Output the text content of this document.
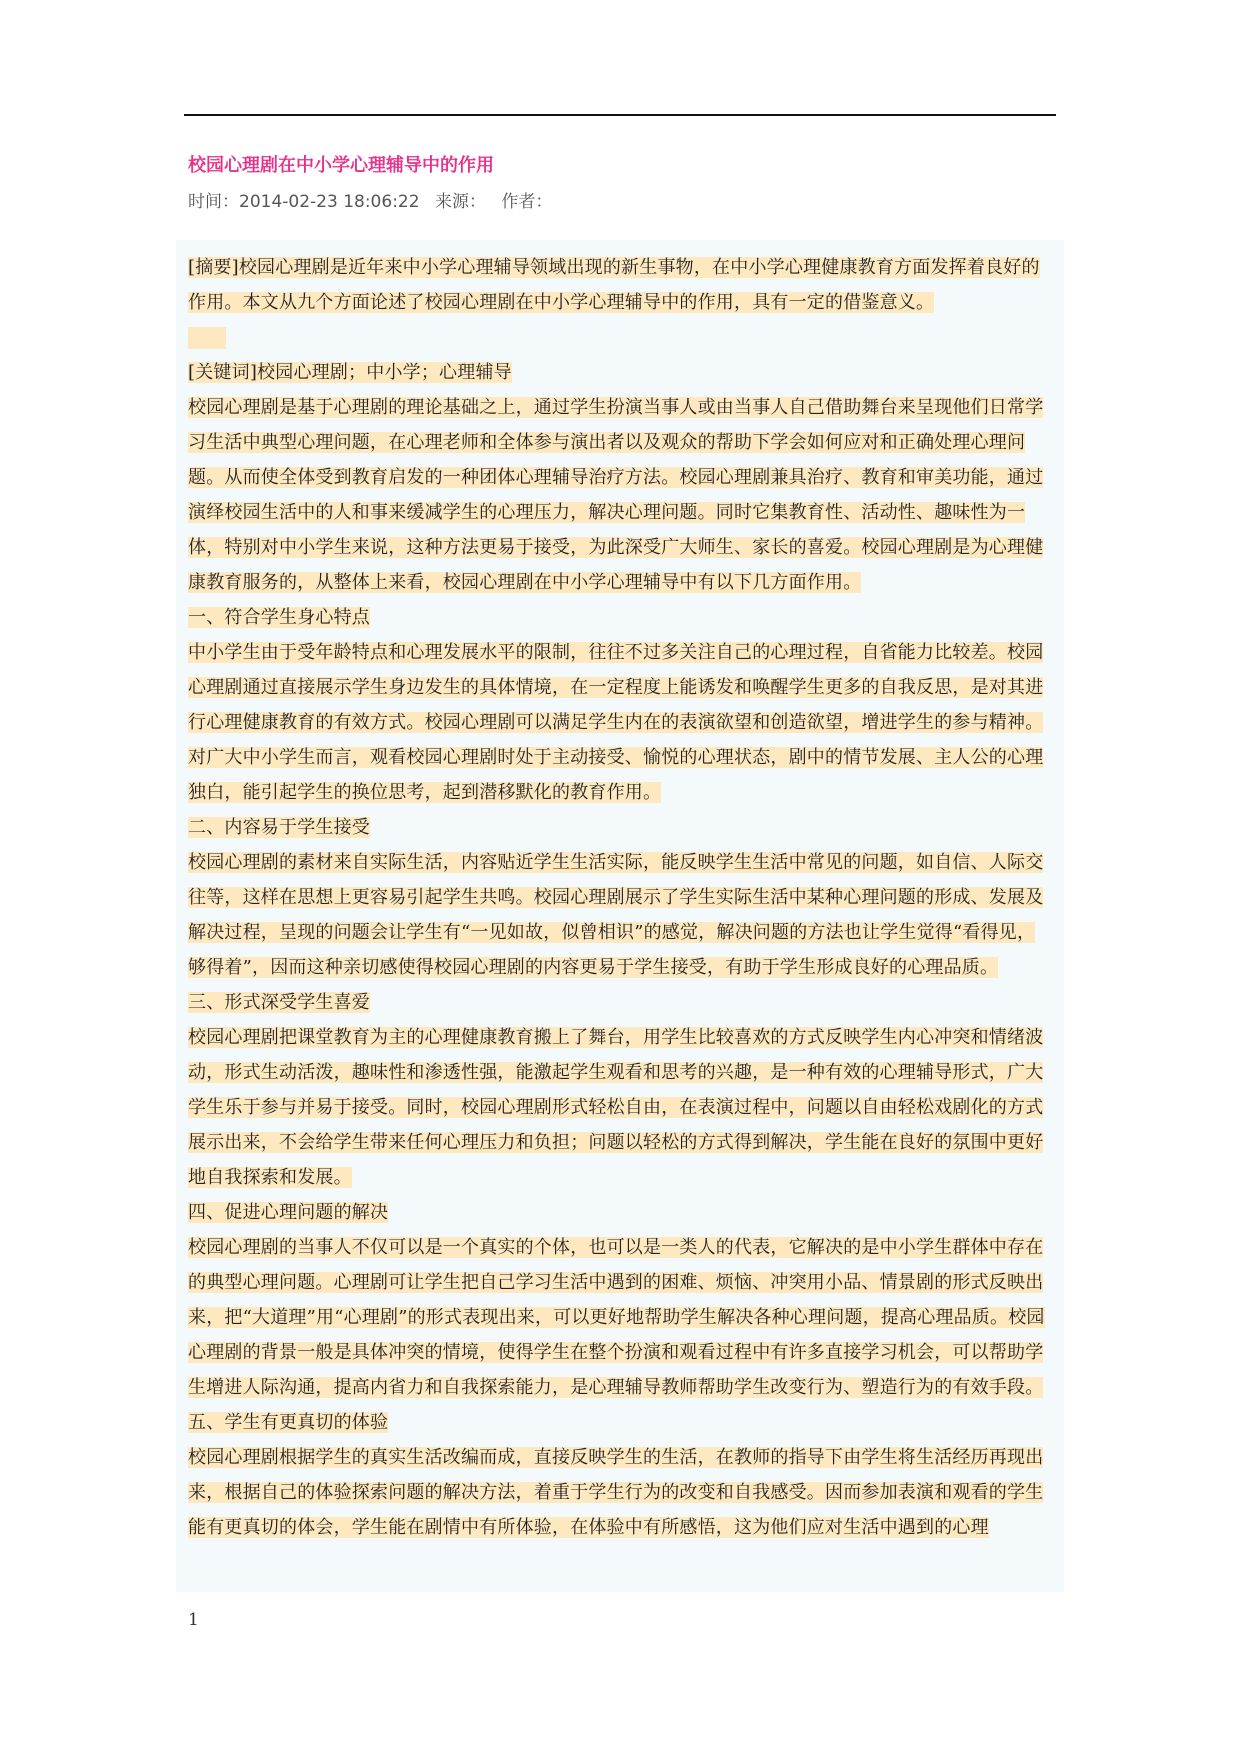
校园心理剧在中小学心理辅导中的作用
时间：2014-02-23 18:06:22 来源： 作者：

[摘要]校园心理剧是近年来中小学心理辅导领域出现的新生事物，在中小学心理健康教育方面发挥着良好的作用。本文从九个方面论述了校园心理剧在中小学心理辅导中的作用，具有一定的借鉴意义。

[关键词]校园心理剧；中小学；心理辅导

校园心理剧是基于心理剧的理论基础之上，通过学生扮演当事人或由当事人自己借助舞台来呈现他们日常学习生活中典型心理问题，在心理老师和全体参与演出者以及观众的帮助下学会如何应对和正确处理心理问题。从而使全体受到教育启发的一种团体心理辅导治疗方法。校园心理剧兼具治疗、教育和审美功能，通过演绎校园生活中的人和事来缓减学生的心理压力，解决心理问题。同时它集教育性、活动性、趣味性为一体，特别对中小学生来说，这种方法更易于接受，为此深受广大师生、家长的喜爱。校园心理剧是为心理健康教育服务的，从整体上来看，校园心理剧在中小学心理辅导中有以下几方面作用。

一、符合学生身心特点

中小学生由于受年龄特点和心理发展水平的限制，往往不过多关注自己的心理过程，自省能力比较差。校园心理剧通过直接展示学生身边发生的具体情境，在一定程度上能诱发和唤醒学生更多的自我反思，是对其进行心理健康教育的有效方式。校园心理剧可以满足学生内在的表演欲望和创造欲望，增进学生的参与精神。对广大中小学生而言，观看校园心理剧时处于主动接受、愉悦的心理状态，剧中的情节发展、主人公的心理独白，能引起学生的换位思考，起到潜移默化的教育作用。

二、内容易于学生接受

校园心理剧的素材来自实际生活，内容贴近学生生活实际，能反映学生生活中常见的问题，如自信、人际交往等，这样在思想上更容易引起学生共鸣。校园心理剧展示了学生实际生活中某种心理问题的形成、发展及解决过程，呈现的问题会让学生有“一见如故，似曾相识”的感觉，解决问题的方法也让学生觉得“看得见，够得着”，因而这种亲切感使得校园心理剧的内容更易于学生接受，有助于学生形成良好的心理品质。

三、形式深受学生喜爱

校园心理剧把课堂教育为主的心理健康教育搬上了舞台，用学生比较喜欢的方式反映学生内心冲突和情绪波动，形式生动活泼，趣味性和渗透性强，能激起学生观看和思考的兴趣，是一种有效的心理辅导形式，广大学生乐于参与并易于接受。同时，校园心理剧形式轻松自由，在表演过程中，问题以自由轻松戏剧化的方式展示出来，不会给学生带来任何心理压力和负担；问题以轻松的方式得到解决，学生能在良好的氛围中更好地自我探索和发展。

四、促进心理问题的解决

校园心理剧的当事人不仅可以是一个真实的个体，也可以是一类人的代表，它解决的是中小学生群体中存在的典型心理问题。心理剧可让学生把自己学习生活中遇到的困难、烦恼、冲突用小品、情景剧的形式反映出来，把“大道理”用“心理剧”的形式表现出来，可以更好地帮助学生解决各种心理问题，提高心理品质。校园心理剧的背景一般是具体冲突的情境，使得学生在整个扮演和观看过程中有许多直接学习机会，可以帮助学生增进人际沟通，提高内省力和自我探索能力，是心理辅导教师帮助学生改变行为、塑造行为的有效手段。

五、学生有更真切的体验

校园心理剧根据学生的真实生活改编而成，直接反映学生的生活，在教师的指导下由学生将生活经历再现出来，根据自己的体验探索问题的解决方法，着重于学生行为的改变和自我感受。因而参加表演和观看的学生能有更真切的体会，学生能在剧情中有所体验，在体验中有所感悟，这为他们应对生活中遇到的心理

1
